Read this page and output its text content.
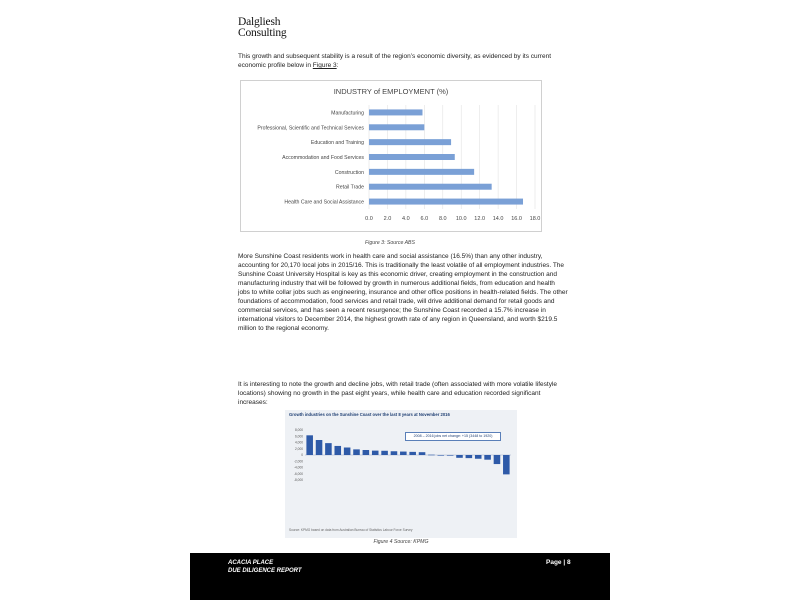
Dalgliesh
Consulting

This growth and subsequent stability is a result of the region’s economic diversity, as evidenced by its current economic profile below in Figure 3:

INDUSTRY of EMPLOYMENT (%)
0.0 2.0 4.0 6.0 8.0 10.0 12.0 14.0 16.0 18.0
Manufacturing
Professional, Scientific and Technical Services
Education and Training
Accommodation and Food Services
Construction
Retail Trade
Health Care and Social Assistance
Figure 3: Source ABS

More Sunshine Coast residents work in health care and social assistance (16.5%) than any other industry, accounting for 20,170 local jobs in 2015/16. This is traditionally the least volatile of all employment industries. The Sunshine Coast University Hospital is key as this economic driver, creating employment in the construction and manufacturing industry that will be followed by growth in numerous additional fields, from education and health jobs to white collar jobs such as engineering, insurance and other office positions in health-related fields. The other foundations of accommodation, food services and retail trade, will drive additional demand for retail goods and commercial services, and has seen a recent resurgence; the Sunshine Coast recorded a 15.7% increase in international visitors to December 2014, the highest growth rate of any region in Queensland, and worth $219.5 million to the regional economy.

It is interesting to note the growth and decline jobs, with retail trade (often associated with more volatile lifestyle locations) showing no growth in the past eight years, while health care and education recorded significant increases:

Growth industries on the Sunshine Coast over the last 8 years at November 2016
2008 – 2016 jobs net change: +15 (3448 to 1920)
8,000
6,000
4,000
2,000
0
-2,000
-4,000
-6,000
-8,000
Source: KPMG based on data from Australian Bureau of Statistics Labour Force Survey
Figure 4 Source: KPMG
ACACIA PLACE
DUE DILIGENCE REPORT
Page | 8
